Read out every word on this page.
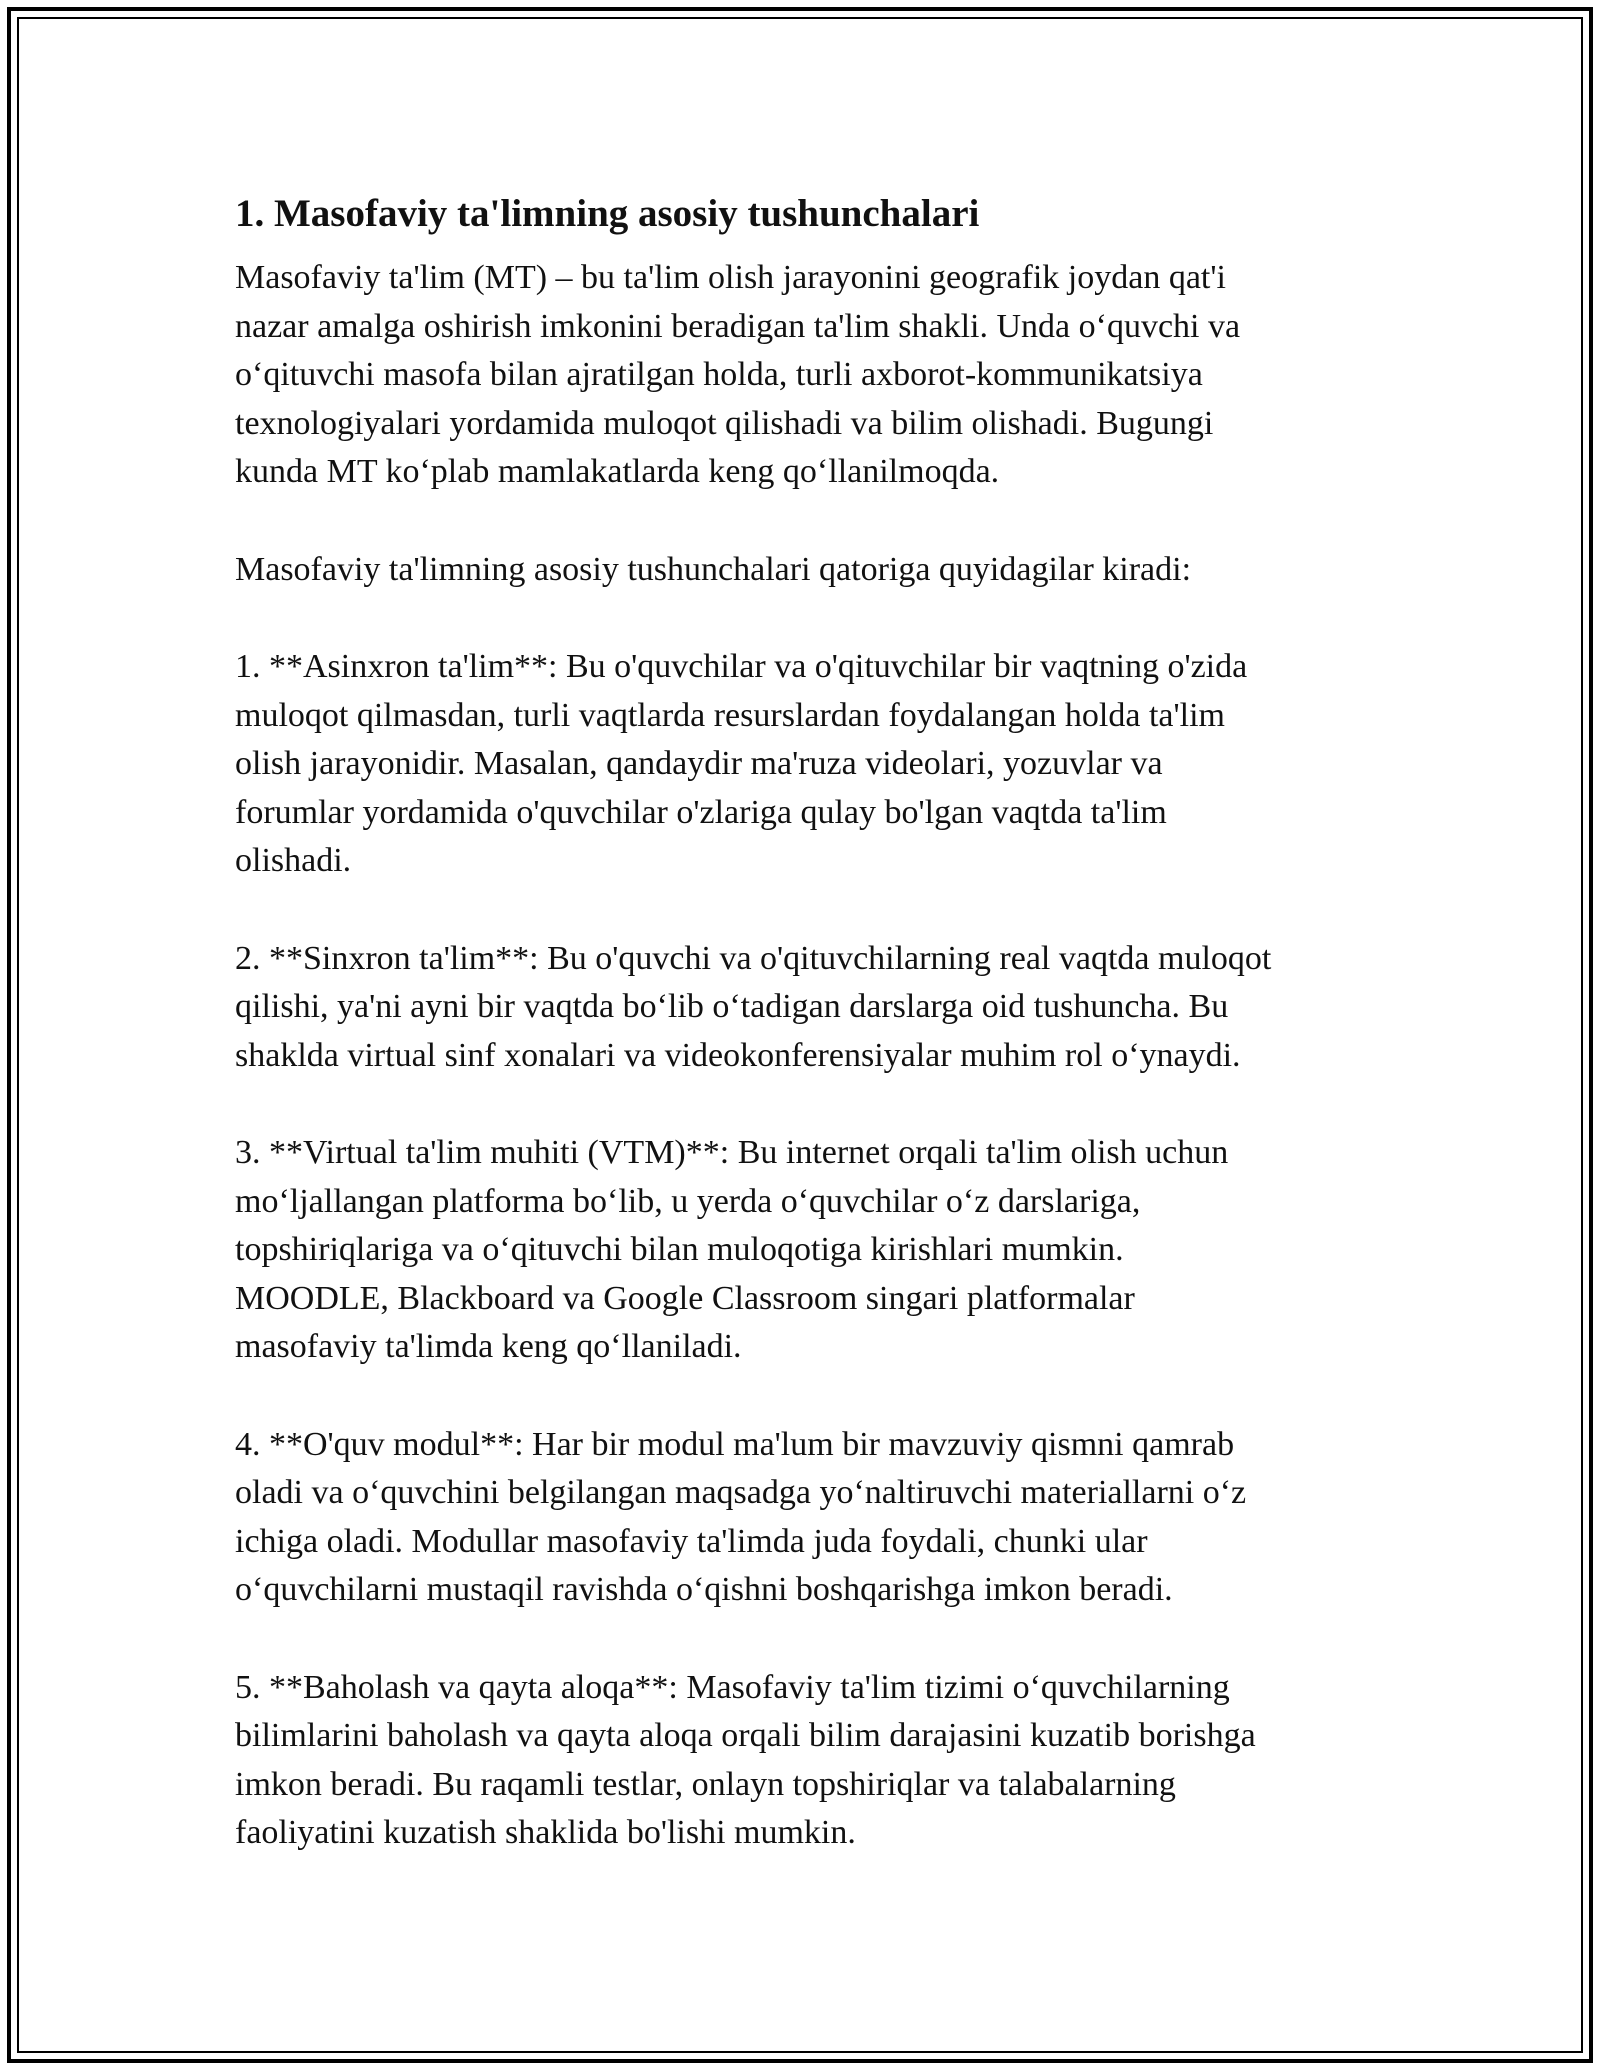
1. Masofaviy ta'limning asosiy tushunchalari

Masofaviy ta'lim (MT) – bu ta'lim olish jarayonini geografik joydan qat'i
nazar amalga oshirish imkonini beradigan ta'lim shakli. Unda o‘quvchi va
o‘qituvchi masofa bilan ajratilgan holda, turli axborot-kommunikatsiya
texnologiyalari yordamida muloqot qilishadi va bilim olishadi. Bugungi
kunda MT ko‘plab mamlakatlarda keng qo‘llanilmoqda.

Masofaviy ta'limning asosiy tushunchalari qatoriga quyidagilar kiradi:

1. **Asinxron ta'lim**: Bu o'quvchilar va o'qituvchilar bir vaqtning o'zida
muloqot qilmasdan, turli vaqtlarda resurslardan foydalangan holda ta'lim
olish jarayonidir. Masalan, qandaydir ma'ruza videolari, yozuvlar va
forumlar yordamida o'quvchilar o'zlariga qulay bo'lgan vaqtda ta'lim
olishadi.

2. **Sinxron ta'lim**: Bu o'quvchi va o'qituvchilarning real vaqtda muloqot
qilishi, ya'ni ayni bir vaqtda bo‘lib o‘tadigan darslarga oid tushuncha. Bu
shaklda virtual sinf xonalari va videokonferensiyalar muhim rol o‘ynaydi.

3. **Virtual ta'lim muhiti (VTM)**: Bu internet orqali ta'lim olish uchun
mo‘ljallangan platforma bo‘lib, u yerda o‘quvchilar o‘z darslariga,
topshiriqlariga va o‘qituvchi bilan muloqotiga kirishlari mumkin.
MOODLE, Blackboard va Google Classroom singari platformalar
masofaviy ta'limda keng qo‘llaniladi.

4. **O'quv modul**: Har bir modul ma'lum bir mavzuviy qismni qamrab
oladi va o‘quvchini belgilangan maqsadga yo‘naltiruvchi materiallarni o‘z
ichiga oladi. Modullar masofaviy ta'limda juda foydali, chunki ular
o‘quvchilarni mustaqil ravishda o‘qishni boshqarishga imkon beradi.

5. **Baholash va qayta aloqa**: Masofaviy ta'lim tizimi o‘quvchilarning
bilimlarini baholash va qayta aloqa orqali bilim darajasini kuzatib borishga
imkon beradi. Bu raqamli testlar, onlayn topshiriqlar va talabalarning
faoliyatini kuzatish shaklida bo'lishi mumkin.
